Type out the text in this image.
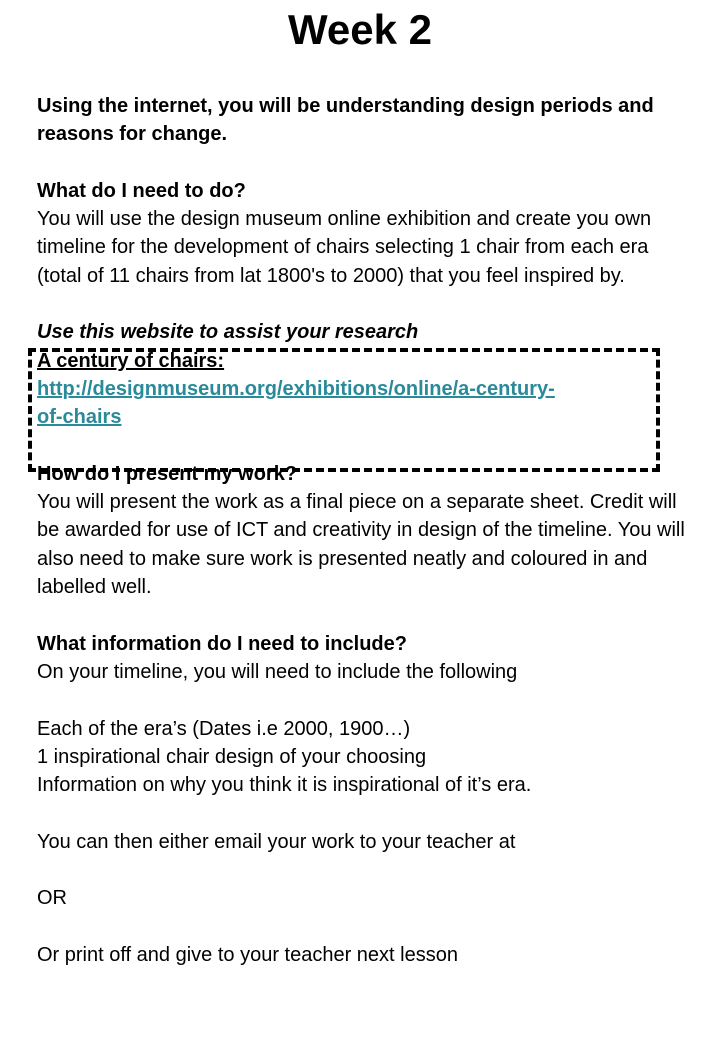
Week 2

Using the internet, you will be understanding design periods and reasons for change.

What do I need to do?

You will use the design museum online exhibition and create you own timeline for the development of chairs selecting 1 chair from each era (total of 11 chairs from lat 1800's to 2000) that you feel inspired by.

Use this website to assist your research

A century of chairs:

http://designmuseum.org/exhibitions/online/a-century-
of-chairs

How do I present my work?

You will present the work as a final piece on a separate sheet. Credit will be awarded for use of ICT and creativity in design of the timeline. You will also need to make sure work is presented neatly and coloured in and labelled well.

What information do I need to include?

On your timeline, you will need to include the following

Each of the era’s (Dates i.e 2000, 1900…)

1 inspirational chair design of your choosing

Information on why you think it is inspirational of it’s era.

You can then either email your work to your teacher at

OR

Or print off and give to your teacher next lesson
